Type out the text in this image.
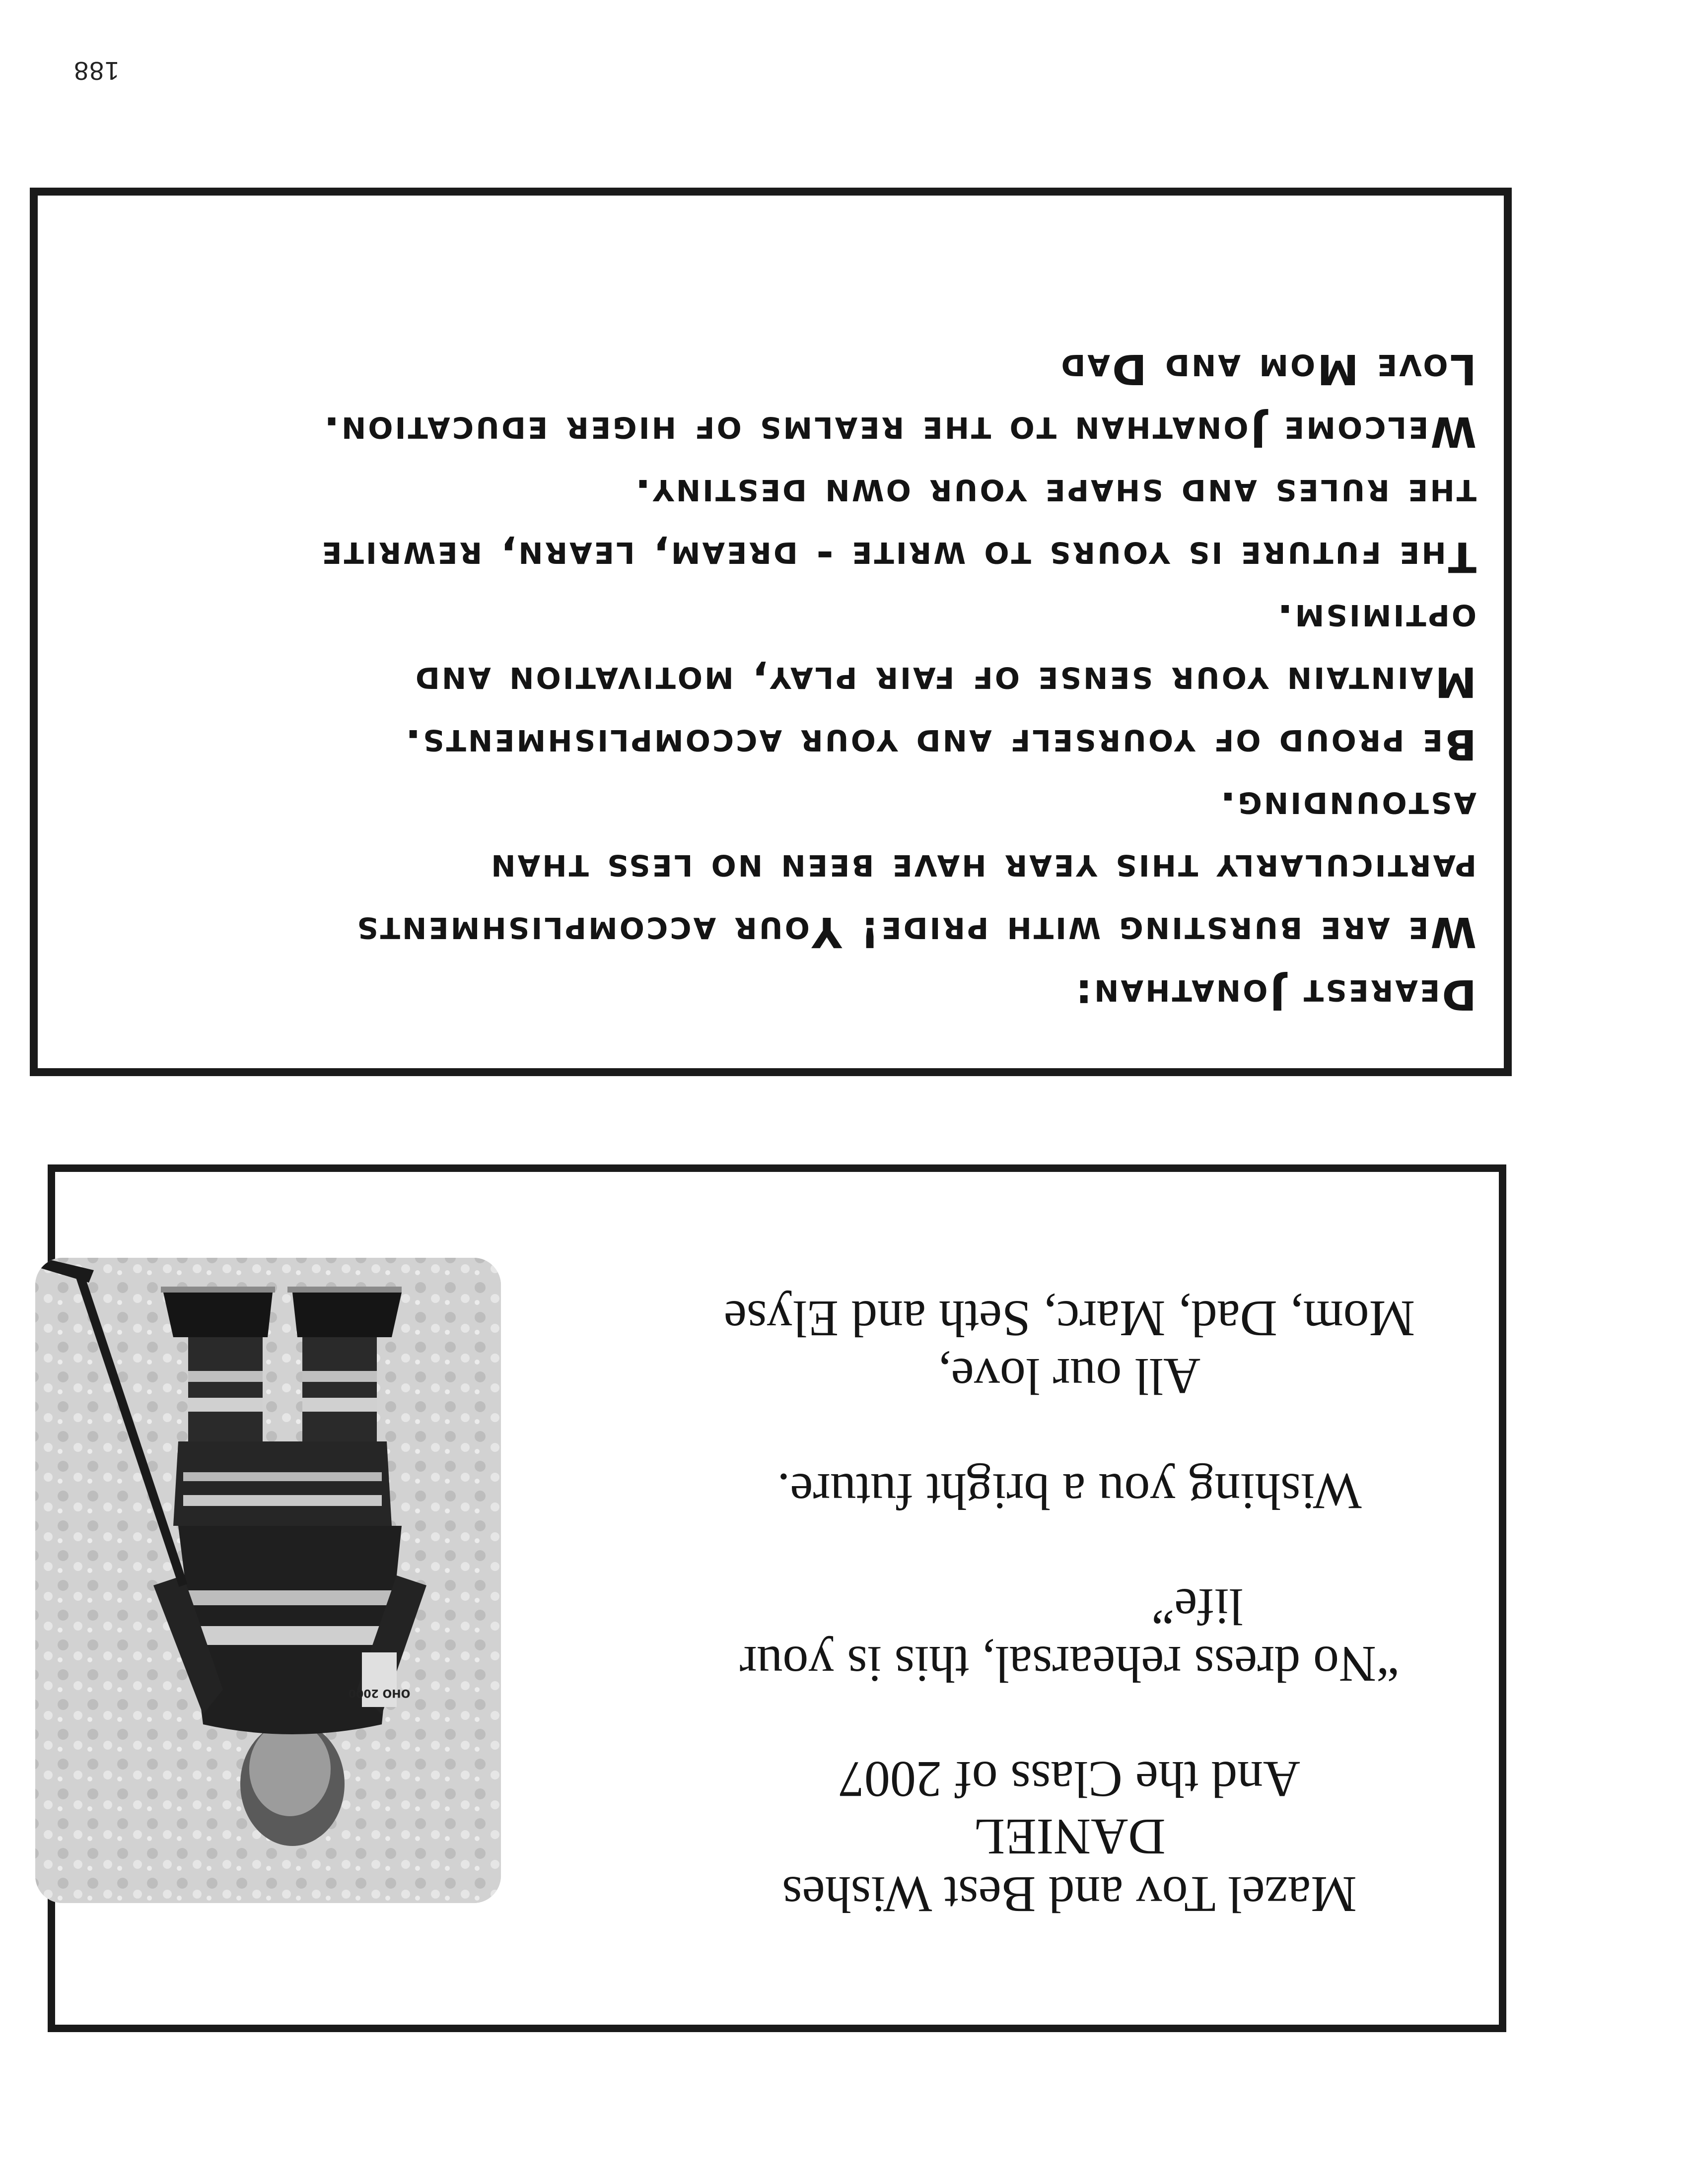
188

Mazel Tov and Best Wishes

DANIEL

And the Class of 2007

“No dress rehearsal, this is your

life”

Wishing you a bright future.

All our love,

Mom, Dad, Marc, Seth and Elyse

OHO 2000

Dearest Jonathan:

We are bursting with pride! Your accomplishments

particularly this year have been no less than

astounding.

Be proud of yourself and your accomplishments.

Maintain your sense of fair play, motivation and

optimism.

The future is yours to write - dream, learn, rewrite

the rules and shape your own destiny.

Welcome Jonathan to the realms of higer education.

Love Mom and Dad
